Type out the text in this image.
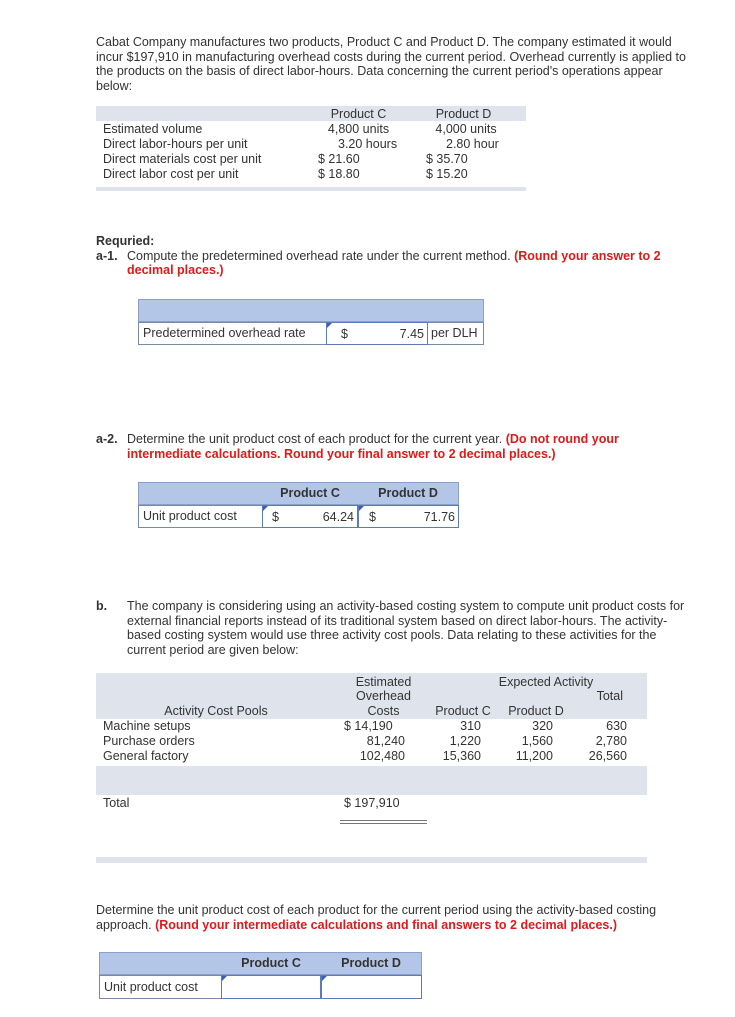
Cabat Company manufactures two products, Product C and Product D. The company estimated it would
incur $197,910 in manufacturing overhead costs during the current period. Overhead currently is applied to
the products on the basis of direct labor-hours. Data concerning the current period's operations appear
below:
Product C	Product D
Estimated volume	4,800 units	4,000 units
Direct labor-hours per unit	3.20 hours	2.80 hour
Direct materials cost per unit	$ 21.60	$ 35.70
Direct labor cost per unit	$ 18.80	$ 15.20
Requried:
a-1. Compute the predetermined overhead rate under the current method. (Round your answer to 2
decimal places.)
Predetermined overhead rate	$	7.45 per DLH
a-2. Determine the unit product cost of each product for the current year. (Do not round your
intermediate calculations. Round your final answer to 2 decimal places.)
Product C	Product D
Unit product cost	$	64.24 $	71.76
b. The company is considering using an activity-based costing system to compute unit product costs for
external financial reports instead of its traditional system based on direct labor-hours. The activity-
based costing system would use three activity cost pools. Data relating to these activities for the
current period are given below:
Estimated
Overhead
Costs
Expected Activity
Total
Activity Cost Pools	Product C	Product D
Machine setups	$ 14,190	310	320	630
Purchase orders	81,240	1,220	1,560	2,780
General factory	102,480	15,360	11,200	26,560
Total	$ 197,910
Determine the unit product cost of each product for the current period using the activity-based costing
approach. (Round your intermediate calculations and final answers to 2 decimal places.)
Product C	Product D
Unit product cost
